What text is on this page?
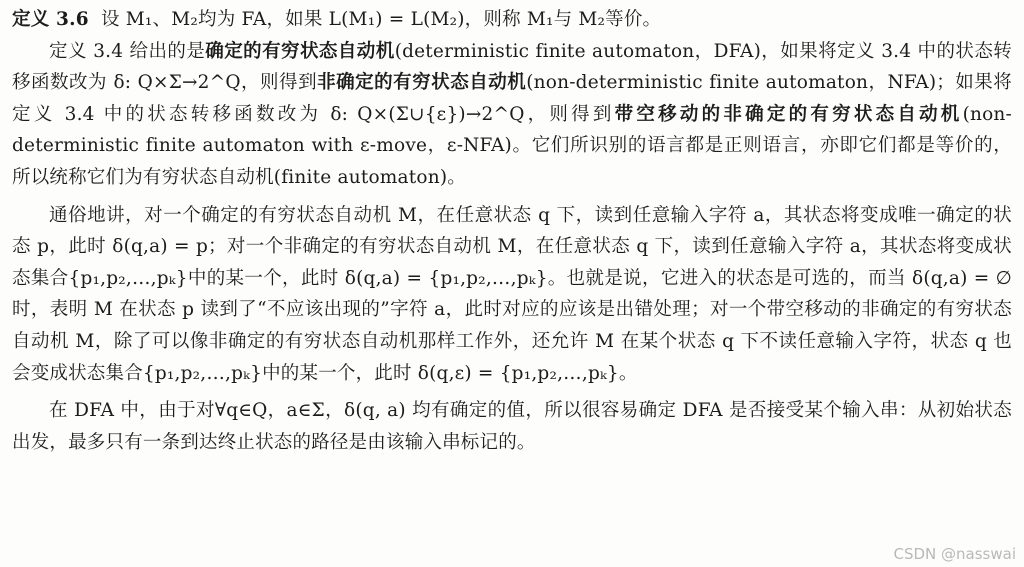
定义 3.6 设 M₁、M₂均为 FA，如果 L(M₁) = L(M₂)，则称 M₁与 M₂等价。

定义 3.4 给出的是确定的有穷状态自动机(deterministic finite automaton，DFA)，如果将定义 3.4 中的状态转移函数改为 δ: Q×Σ→2^Q，则得到非确定的有穷状态自动机(non-deterministic finite automaton，NFA)；如果将定义 3.4 中的状态转移函数改为 δ: Q×(Σ∪{ε})→2^Q，则得到带空移动的非确定的有穷状态自动机(non-deterministic finite automaton with ε-move，ε-NFA)。它们所识别的语言都是正则语言，亦即它们都是等价的，所以统称它们为有穷状态自动机(finite automaton)。

通俗地讲，对一个确定的有穷状态自动机 M，在任意状态 q 下，读到任意输入字符 a，其状态将变成唯一确定的状态 p，此时 δ(q,a) = p；对一个非确定的有穷状态自动机 M，在任意状态 q 下，读到任意输入字符 a，其状态将变成状态集合{p₁,p₂,…,pₖ}中的某一个，此时 δ(q,a) = {p₁,p₂,…,pₖ}。也就是说，它进入的状态是可选的，而当 δ(q,a) = ∅时，表明 M 在状态 p 读到了“不应该出现的”字符 a，此时对应的应该是出错处理；对一个带空移动的非确定的有穷状态自动机 M，除了可以像非确定的有穷状态自动机那样工作外，还允许 M 在某个状态 q 下不读任意输入字符，状态 q 也会变成状态集合{p₁,p₂,…,pₖ}中的某一个，此时 δ(q,ε) = {p₁,p₂,…,pₖ}。

在 DFA 中，由于对∀q∈Q，a∈Σ，δ(q, a) 均有确定的值，所以很容易确定 DFA 是否接受某个输入串：从初始状态出发，最多只有一条到达终止状态的路径是由该输入串标记的。

CSDN @nasswai
